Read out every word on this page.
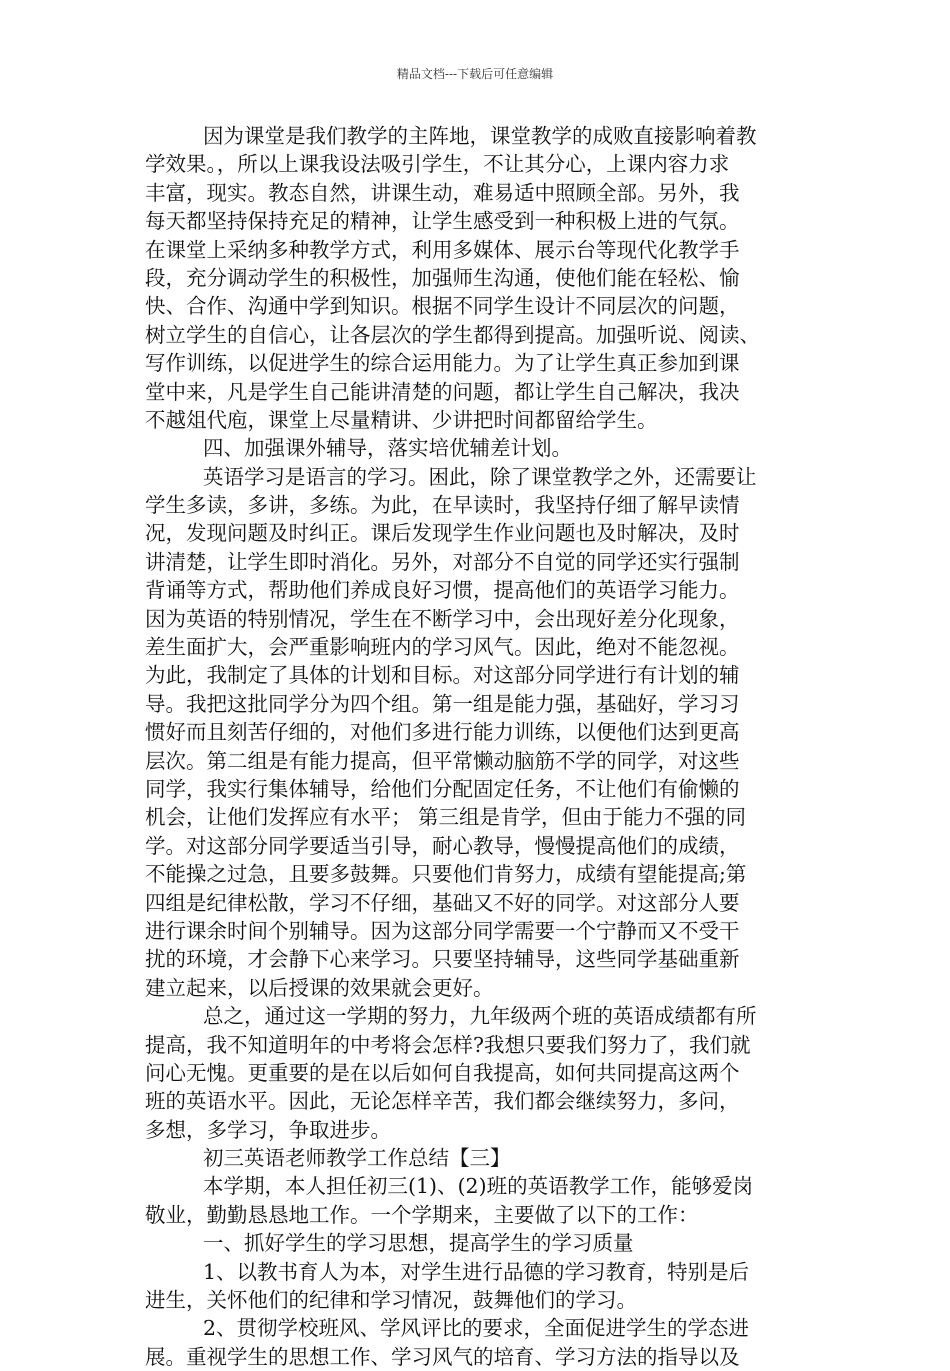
精品文档---下载后可任意编辑
因为课堂是我们教学的主阵地，课堂教学的成败直接影响着教
学效果。，所以上课我设法吸引学生，不让其分心，上课内容力求
丰富，现实。教态自然，讲课生动，难易适中照顾全部。另外，我
每天都坚持保持充足的精神，让学生感受到一种积极上进的气氛。
在课堂上采纳多种教学方式，利用多媒体、展示台等现代化教学手
段，充分调动学生的积极性，加强师生沟通，使他们能在轻松、愉
快、合作、沟通中学到知识。根据不同学生设计不同层次的问题，
树立学生的自信心，让各层次的学生都得到提高。加强听说、阅读、
写作训练，以促进学生的综合运用能力。为了让学生真正参加到课
堂中来，凡是学生自己能讲清楚的问题，都让学生自己解决，我决
不越俎代庖，课堂上尽量精讲、少讲把时间都留给学生。
四、加强课外辅导，落实培优辅差计划。
英语学习是语言的学习。困此，除了课堂教学之外，还需要让
学生多读，多讲，多练。为此，在早读时，我坚持仔细了解早读情
况，发现问题及时纠正。课后发现学生作业问题也及时解决，及时
讲清楚，让学生即时消化。另外，对部分不自觉的同学还实行强制
背诵等方式，帮助他们养成良好习惯，提高他们的英语学习能力。
因为英语的特别情况，学生在不断学习中，会出现好差分化现象，
差生面扩大，会严重影响班内的学习风气。因此，绝对不能忽视。
为此，我制定了具体的计划和目标。对这部分同学进行有计划的辅
导。我把这批同学分为四个组。第一组是能力强，基础好，学习习
惯好而且刻苦仔细的，对他们多进行能力训练，以便他们达到更高
层次。第二组是有能力提高，但平常懒动脑筋不学的同学，对这些
同学，我实行集体辅导，给他们分配固定任务，不让他们有偷懒的
机会，让他们发挥应有水平； 第三组是肯学，但由于能力不强的同
学。对这部分同学要适当引导，耐心教导，慢慢提高他们的成绩，
不能操之过急，且要多鼓舞。只要他们肯努力，成绩有望能提高;第
四组是纪律松散，学习不仔细，基础又不好的同学。对这部分人要
进行课余时间个别辅导。因为这部分同学需要一个宁静而又不受干
扰的环境，才会静下心来学习。只要坚持辅导，这些同学基础重新
建立起来，以后授课的效果就会更好。
总之，通过这一学期的努力，九年级两个班的英语成绩都有所
提高，我不知道明年的中考将会怎样?我想只要我们努力了，我们就
问心无愧。更重要的是在以后如何自我提高，如何共同提高这两个
班的英语水平。因此，无论怎样辛苦，我们都会继续努力，多问，
多想，多学习，争取进步。
初三英语老师教学工作总结【三】
本学期，本人担任初三(1)、(2)班的英语教学工作，能够爱岗
敬业，勤勤恳恳地工作。一个学期来，主要做了以下的工作：
一、抓好学生的学习思想，提高学生的学习质量
1、以教书育人为本，对学生进行品德的学习教育，特别是后
进生，关怀他们的纪律和学习情况，鼓舞他们的学习。
2、贯彻学校班风、学风评比的要求，全面促进学生的学态进
展。重视学生的思想工作、学习风气的培育、学习方法的指导以及
